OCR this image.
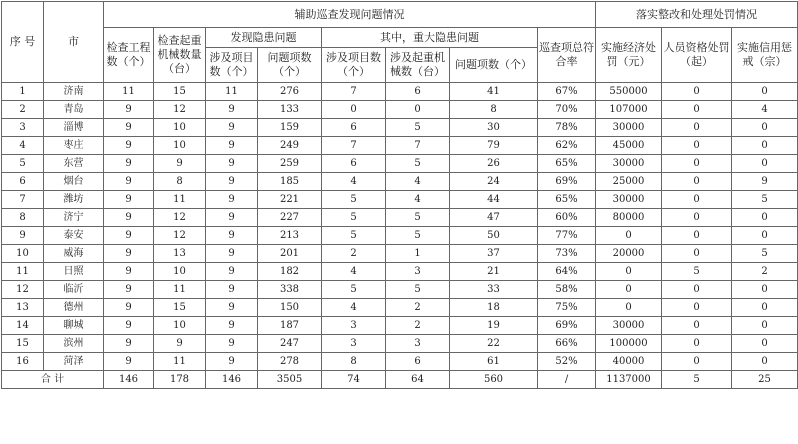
序 号	市	辅助巡查发现问题情况								落实整改和处理处罚情况		
		检查工程数（个）	检查起重机械数量（台）	发现隐患问题		其中，重大隐患问题			巡查项总符合率	实施经济处罚（元）	人员资格处罚（起）	实施信用惩戒（宗）
				涉及项目数（个）	问题项数（个）	涉及项目数（个）	涉及起重机械数（台）	问题项数（个）				
1	济南	11	15	11	276	7	6	41	67%	550000	0	0
2	青岛	9	12	9	133	0	0	8	70%	107000	0	4
3	淄博	9	10	9	159	6	5	30	78%	30000	0	0
4	枣庄	9	10	9	249	7	7	79	62%	45000	0	0
5	东营	9	9	9	259	6	5	26	65%	30000	0	0
6	烟台	9	8	9	185	4	4	24	69%	25000	0	9
7	潍坊	9	11	9	221	5	4	44	65%	30000	0	5
8	济宁	9	12	9	227	5	5	47	60%	80000	0	0
9	泰安	9	12	9	213	5	5	50	77%	0	0	0
10	威海	9	13	9	201	2	1	37	73%	20000	0	5
11	日照	9	10	9	182	4	3	21	64%	0	5	2
12	临沂	9	11	9	338	5	5	33	58%	0	0	0
13	德州	9	15	9	150	4	2	18	75%	0	0	0
14	聊城	9	10	9	187	3	2	19	69%	30000	0	0
15	滨州	9	9	9	247	3	3	22	66%	100000	0	0
16	菏泽	9	11	9	278	8	6	61	52%	40000	0	0
合 计		146	178	146	3505	74	64	560	/	1137000	5	25
